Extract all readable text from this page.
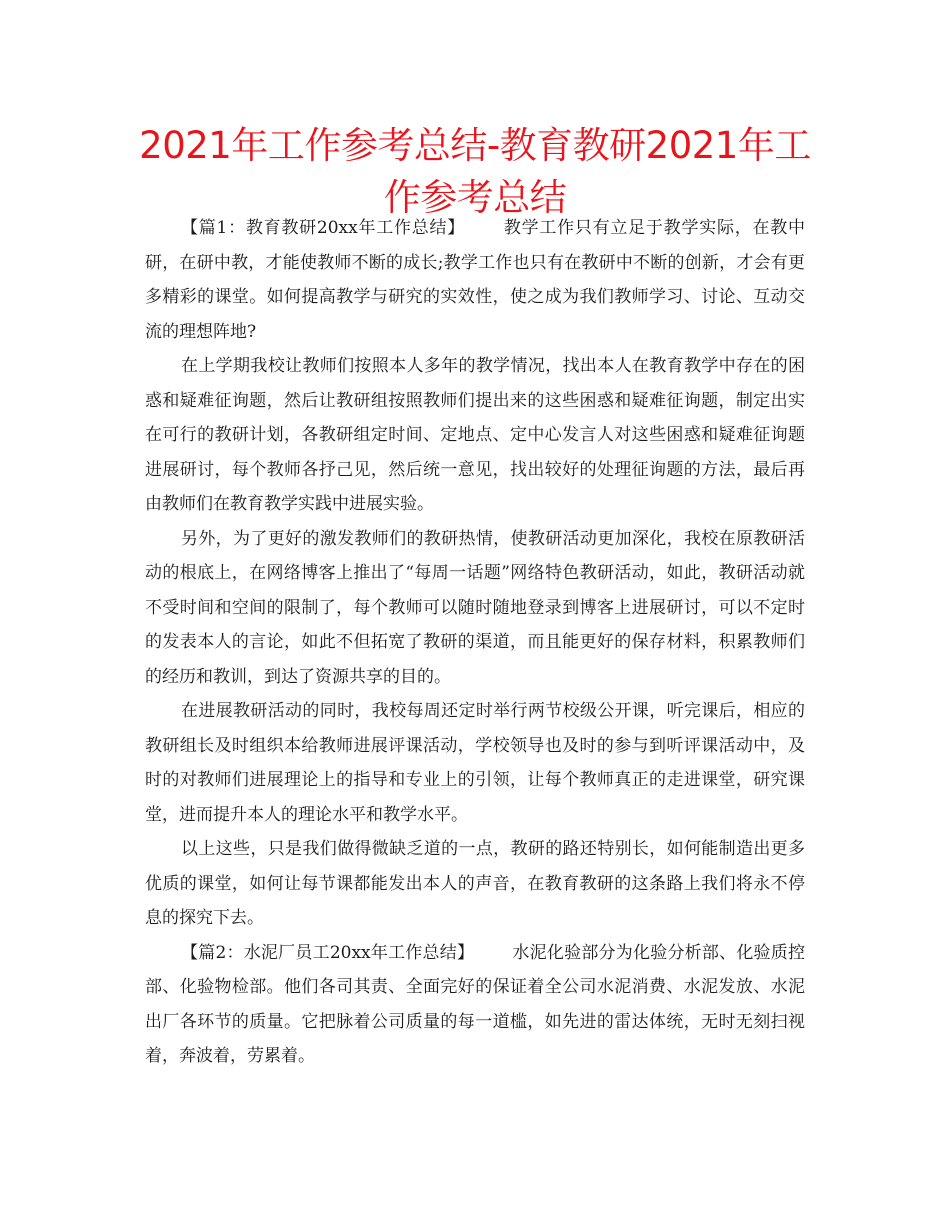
2021年工作参考总结-教育教研2021年工作参考总结

【篇1：教育教研20xx年工作总结】 教学工作只有立足于教学实际，在教中研，在研中教，才能使教师不断的成长;教学工作也只有在教研中不断的创新，才会有更多精彩的课堂。如何提高教学与研究的实效性，使之成为我们教师学习、讨论、互动交流的理想阵地?

在上学期我校让教师们按照本人多年的教学情况，找出本人在教育教学中存在的困惑和疑难征询题，然后让教研组按照教师们提出来的这些困惑和疑难征询题，制定出实在可行的教研计划，各教研组定时间、定地点、定中心发言人对这些困惑和疑难征询题进展研讨，每个教师各抒己见，然后统一意见，找出较好的处理征询题的方法，最后再由教师们在教育教学实践中进展实验。

另外，为了更好的激发教师们的教研热情，使教研活动更加深化，我校在原教研活动的根底上，在网络博客上推出了“每周一话题”网络特色教研活动，如此，教研活动就不受时间和空间的限制了，每个教师可以随时随地登录到博客上进展研讨，可以不定时的发表本人的言论，如此不但拓宽了教研的渠道，而且能更好的保存材料，积累教师们的经历和教训，到达了资源共享的目的。

在进展教研活动的同时，我校每周还定时举行两节校级公开课，听完课后，相应的教研组长及时组织本给教师进展评课活动，学校领导也及时的参与到听评课活动中，及时的对教师们进展理论上的指导和专业上的引领，让每个教师真正的走进课堂，研究课堂，进而提升本人的理论水平和教学水平。

以上这些，只是我们做得微缺乏道的一点，教研的路还特别长，如何能制造出更多优质的课堂，如何让每节课都能发出本人的声音，在教育教研的这条路上我们将永不停息的探究下去。

【篇2：水泥厂员工20xx年工作总结】 水泥化验部分为化验分析部、化验质控部、化验物检部。他们各司其责、全面完好的保证着全公司水泥消费、水泥发放、水泥出厂各环节的质量。它把脉着公司质量的每一道槛，如先进的雷达体统，无时无刻扫视着，奔波着，劳累着。
